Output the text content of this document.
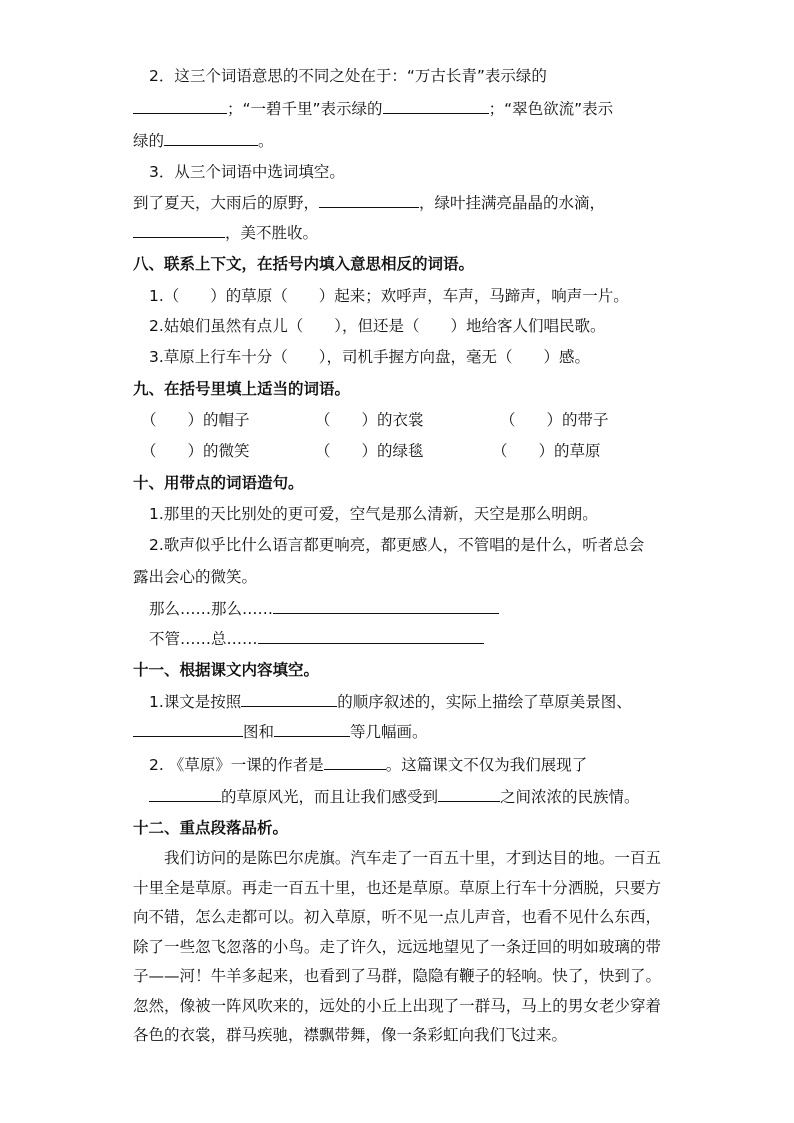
2．这三个词语意思的不同之处在于：“万古长青”表示绿的
；“一碧千里”表示绿的	；“翠色欲流”表示
绿的	。
3．从三个词语中选词填空。
到了夏天，大雨后的原野，	，绿叶挂满亮晶晶的水滴，
，美不胜收。
八、联系上下文，在括号内填入意思相反的词语。
1.（　　）的草原（　　）起来；欢呼声，车声，马蹄声，响声一片。
2.姑娘们虽然有点儿（　　），但还是（　　）地给客人们唱民歌。
3.草原上行车十分（　　），司机手握方向盘，毫无（　　）感。
九、在括号里填上适当的词语。
（　　）的帽子	（　　）的衣裳	（　　）的带子
（　　）的微笑	（　　）的绿毯	（　　）的草原
十、用带点的词语造句。
1.那里的天比别处的更可爱，空气是那么清新，天空是那么明朗。
2.歌声似乎比什么语言都更响亮，都更感人，不管唱的是什么，听者总会
露出会心的微笑。
那么……那么……
不管……总……
十一、根据课文内容填空。
1.课文是按照	的顺序叙述的，实际上描绘了草原美景图、
图和	等几幅画。
2. 《草原》一课的作者是	。这篇课文不仅为我们展现了
的草原风光，而且让我们感受到	之间浓浓的民族情。
十二、重点段落品析。
我们访问的是陈巴尔虎旗。汽车走了一百五十里，才到达目的地。一百五十里全是草原。再走一百五十里，也还是草原。草原上行车十分洒脱，只要方向不错，怎么走都可以。初入草原，听不见一点儿声音，也看不见什么东西，除了一些忽飞忽落的小鸟。走了许久，远远地望见了一条迂回的明如玻璃的带子——河！牛羊多起来，也看到了马群，隐隐有鞭子的轻响。快了，快到了。忽然，像被一阵风吹来的，远处的小丘上出现了一群马，马上的男女老少穿着各色的衣裳，群马疾驰，襟飘带舞，像一条彩虹向我们飞过来。
